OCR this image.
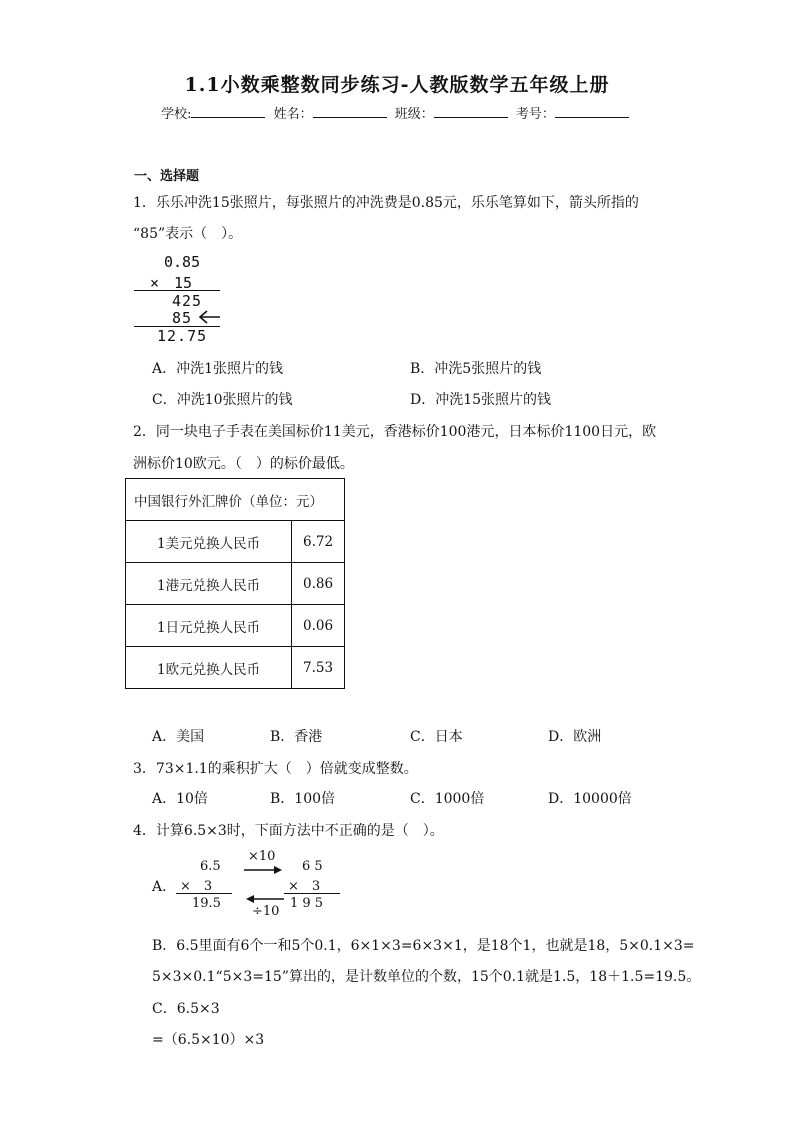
1.1小数乘整数同步练习-人教版数学五年级上册
学校:	姓名：	班级：	考号：
一、选择题
1．乐乐冲洗15张照片，每张照片的冲洗费是0.85元，乐乐笔算如下，箭头所指的
“85”表示（　）。
0.85
×　15
425
85
12.75
A．冲洗1张照片的钱	B．冲洗5张照片的钱
C．冲洗10张照片的钱	D．冲洗15张照片的钱
2．同一块电子手表在美国标价11美元，香港标价100港元，日本标价1100日元，欧
洲标价10欧元。（　）的标价最低。
中国银行外汇牌价（单位：元）	
1美元兑换人民币	6.72
1港元兑换人民币	0.86
1日元兑换人民币	0.06
1欧元兑换人民币	7.53
A．美国	B．香港	C．日本	D．欧洲
3．73×1.1的乘积扩大（　）倍就变成整数。
A．10倍	B．100倍	C．1000倍	D．10000倍
4．计算6.5×3时，下面方法中不正确的是（　）。
A．
6.5
×　3
19.5
×10
÷10
6 5
×　3
1 9 5
B．6.5里面有6个一和5个0.1，6×1×3=6×3×1，是18个1，也就是18，5×0.1×3=
5×3×0.1“5×3=15”算出的，是计数单位的个数，15个0.1就是1.5，18＋1.5=19.5。
C．6.5×3
=（6.5×10）×3
